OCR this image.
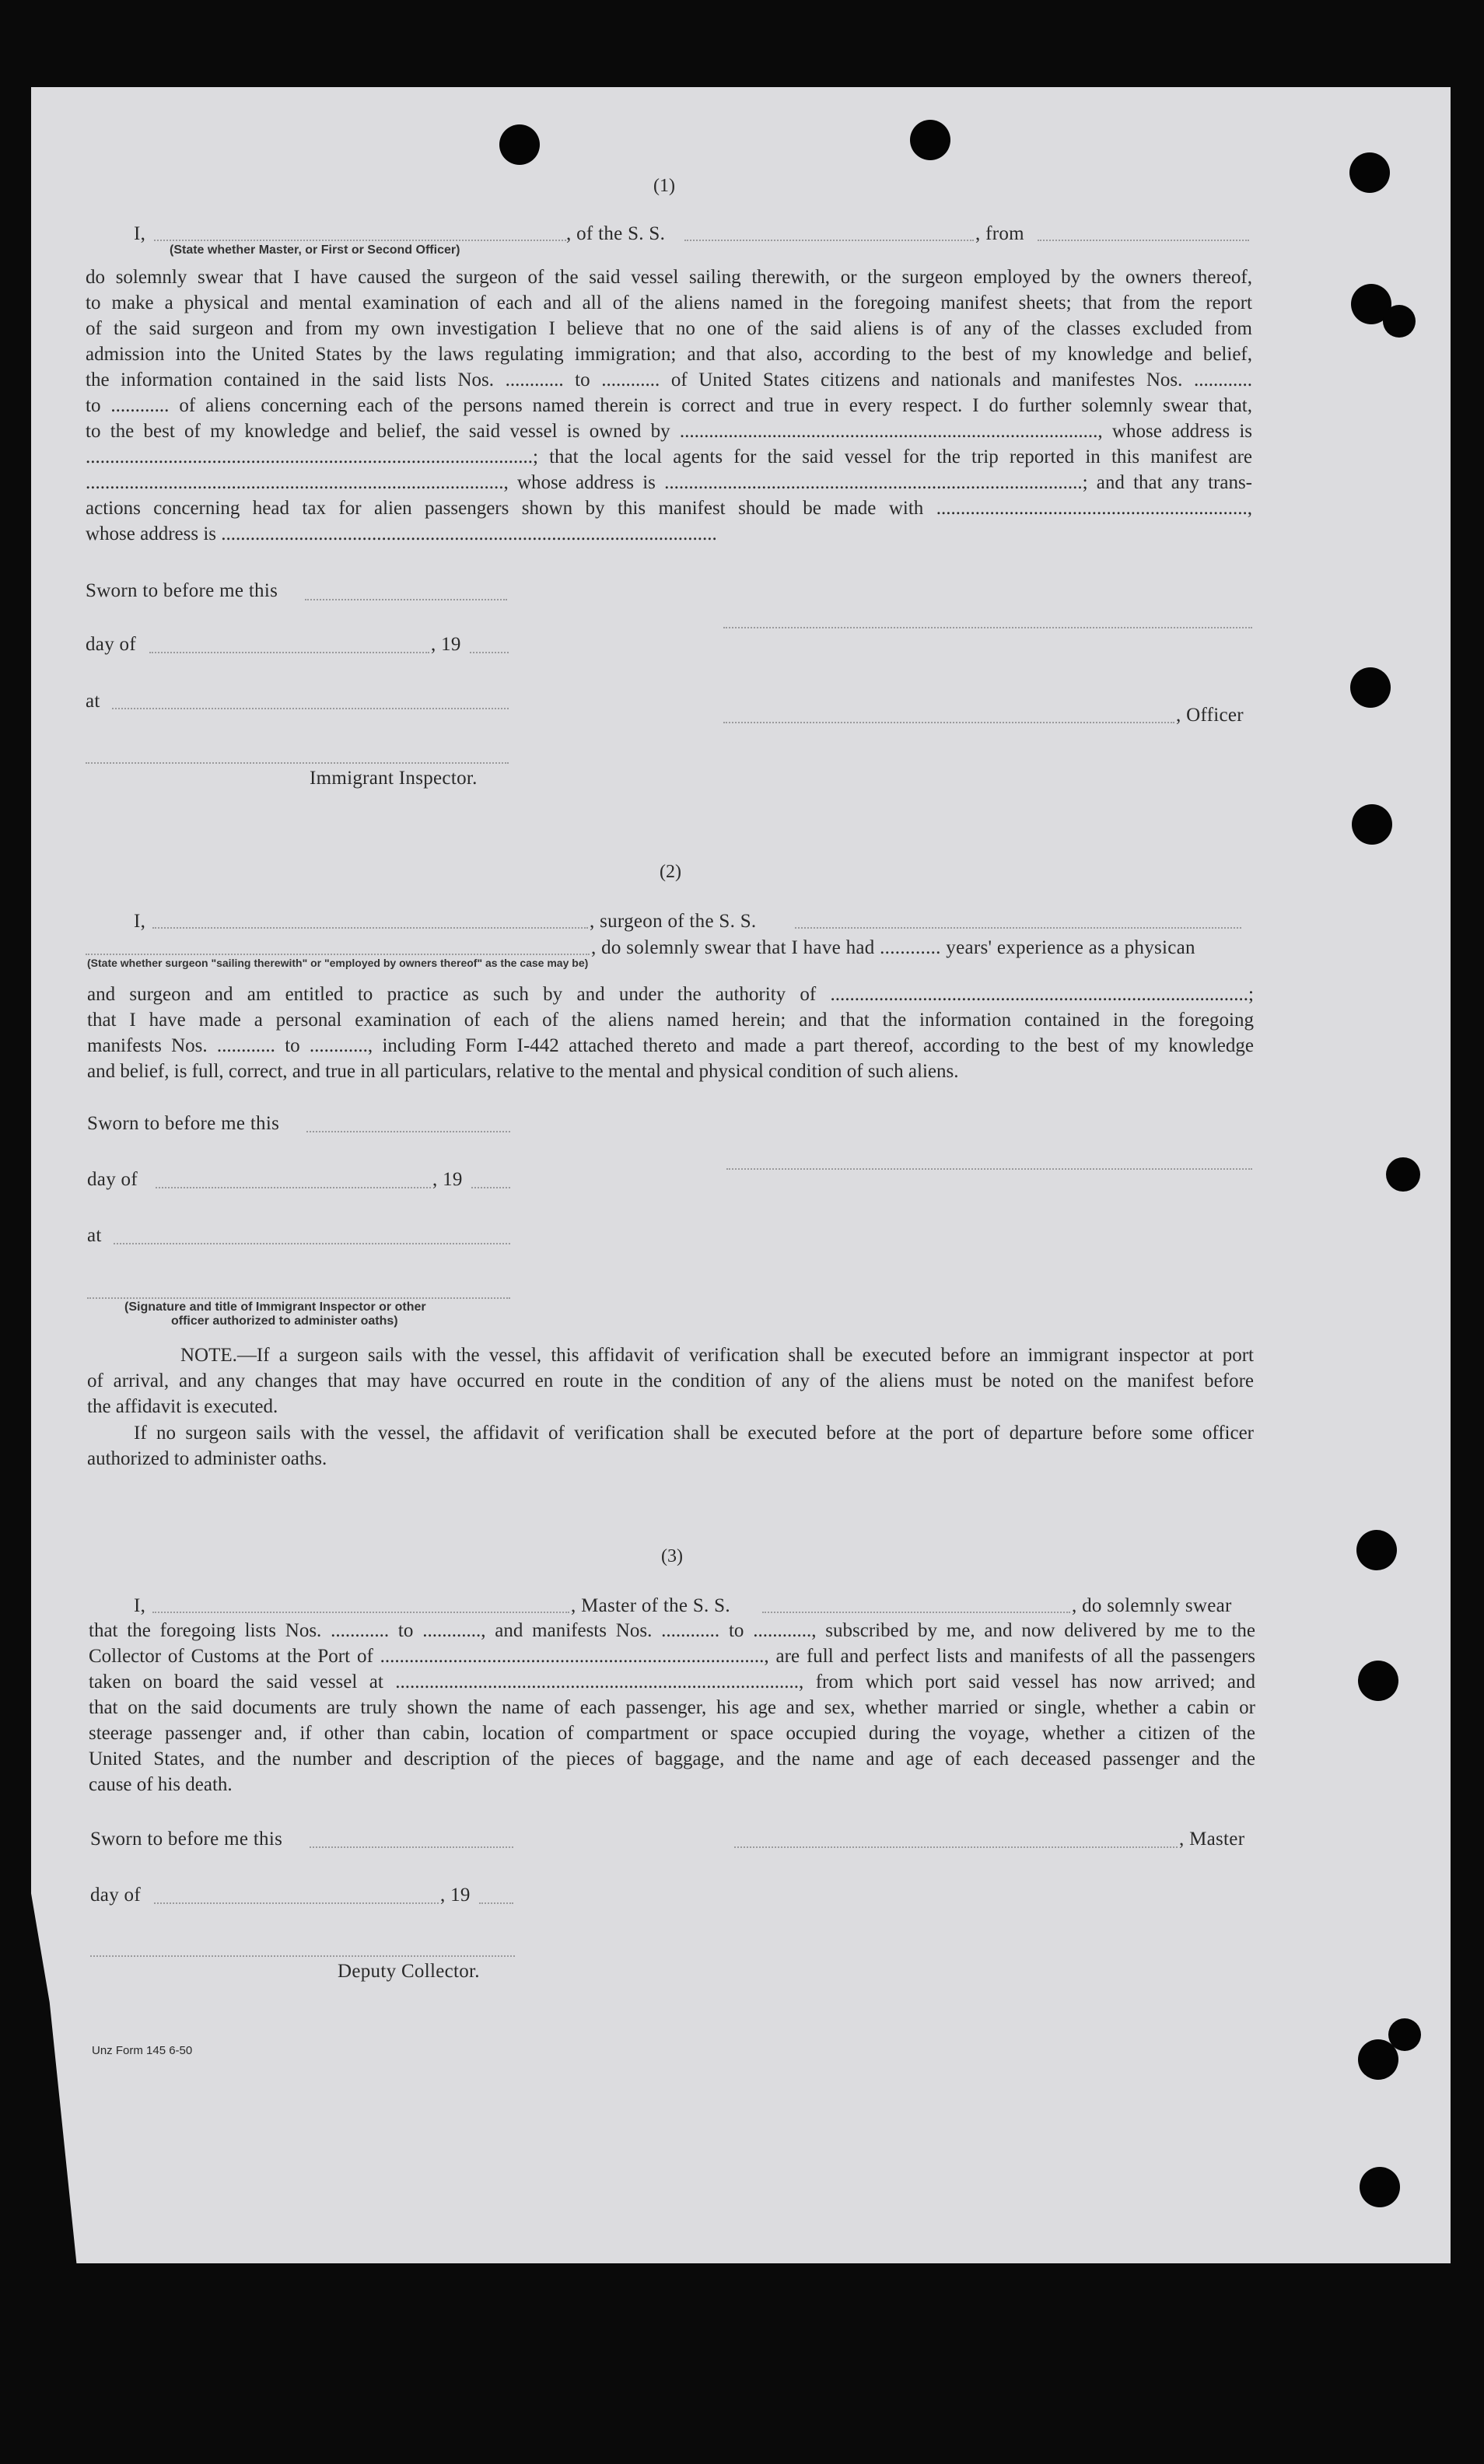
(1)
I,	, of the S. S.	, from
(State whether Master, or First or Second Officer)
do solemnly swear that I have caused the surgeon of the said vessel sailing therewith, or the surgeon employed by the owners thereof,
to make a physical and mental examination of each and all of the aliens named in the foregoing manifest sheets; that from the report
of the said surgeon and from my own investigation I believe that no one of the said aliens is of any of the classes excluded from
admission into the United States by the laws regulating immigration; and that also, according to the best of my knowledge and belief,
the information contained in the said lists Nos. ............ to ............ of United States citizens and nationals and manifestes Nos. ............
to ............ of aliens concerning each of the persons named therein is correct and true in every respect. I do further solemnly swear that,
to the best of my knowledge and belief, the said vessel is owned by ......................................................................................, whose address is
............................................................................................; that the local agents for the said vessel for the trip reported in this manifest are
......................................................................................, whose address is ......................................................................................; and that any trans-
actions concerning head tax for alien passengers shown by this manifest should be made with ................................................................,
whose address is ......................................................................................................
Sworn to before me this
day of	, 19
at
, Officer
Immigrant Inspector.
(2)
I,	, surgeon of the S. S.
, do solemnly swear that I have had ............ years' experience as a physican
(State whether surgeon "sailing therewith" or "employed by owners thereof" as the case may be)
and surgeon and am entitled to practice as such by and under the authority of ......................................................................................;
that I have made a personal examination of each of the aliens named herein; and that the information contained in the foregoing
manifests Nos. ............ to ............, including Form I-442 attached thereto and made a part thereof, according to the best of my knowledge
and belief, is full, correct, and true in all particulars, relative to the mental and physical condition of such aliens.
Sworn to before me this
day of	, 19
at
(Signature and title of Immigrant Inspector or other
officer authorized to administer oaths)
NOTE.—If a surgeon sails with the vessel, this affidavit of verification shall be executed before an immigrant inspector at port
of arrival, and any changes that may have occurred en route in the condition of any of the aliens must be noted on the manifest before
the affidavit is executed.
If no surgeon sails with the vessel, the affidavit of verification shall be executed before at the port of departure before some officer
authorized to administer oaths.
(3)
I,	, Master of the S. S.	, do solemnly swear
that the foregoing lists Nos. ............ to ............, and manifests Nos. ............ to ............, subscribed by me, and now delivered by me to the
Collector of Customs at the Port of ..............................................................................., are full and perfect lists and manifests of all the passengers
taken on board the said vessel at ..................................................................................., from which port said vessel has now arrived; and
that on the said documents are truly shown the name of each passenger, his age and sex, whether married or single, whether a cabin or
steerage passenger and, if other than cabin, location of compartment or space occupied during the voyage, whether a citizen of the
United States, and the number and description of the pieces of baggage, and the name and age of each deceased passenger and the
cause of his death.
Sworn to before me this	, Master
day of	, 19
Deputy Collector.
Unz Form 145 6-50
